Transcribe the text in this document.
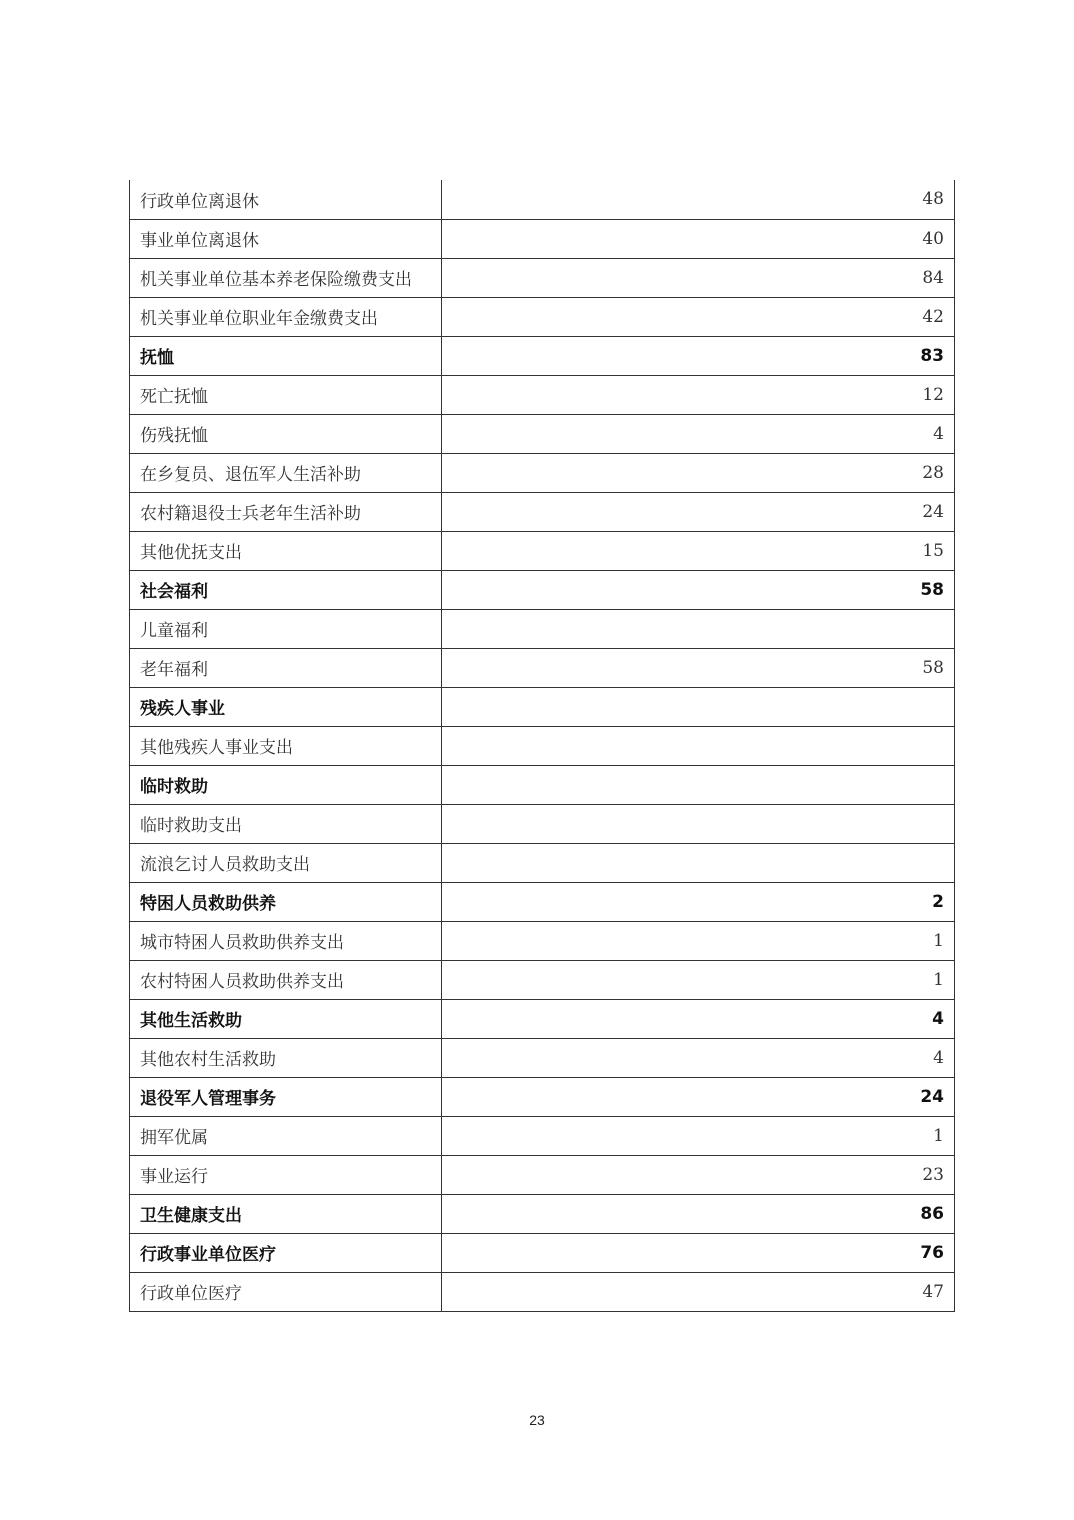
行政单位离退休	48
事业单位离退休	40
机关事业单位基本养老保险缴费支出	84
机关事业单位职业年金缴费支出	42
抚恤	83
死亡抚恤	12
伤残抚恤	4
在乡复员、退伍军人生活补助	28
农村籍退役士兵老年生活补助	24
其他优抚支出	15
社会福利	58
儿童福利	
老年福利	58
残疾人事业	
其他残疾人事业支出	
临时救助	
临时救助支出	
流浪乞讨人员救助支出	
特困人员救助供养	2
城市特困人员救助供养支出	1
农村特困人员救助供养支出	1
其他生活救助	4
其他农村生活救助	4
退役军人管理事务	24
拥军优属	1
事业运行	23
卫生健康支出	86
行政事业单位医疗	76
行政单位医疗	47
23
